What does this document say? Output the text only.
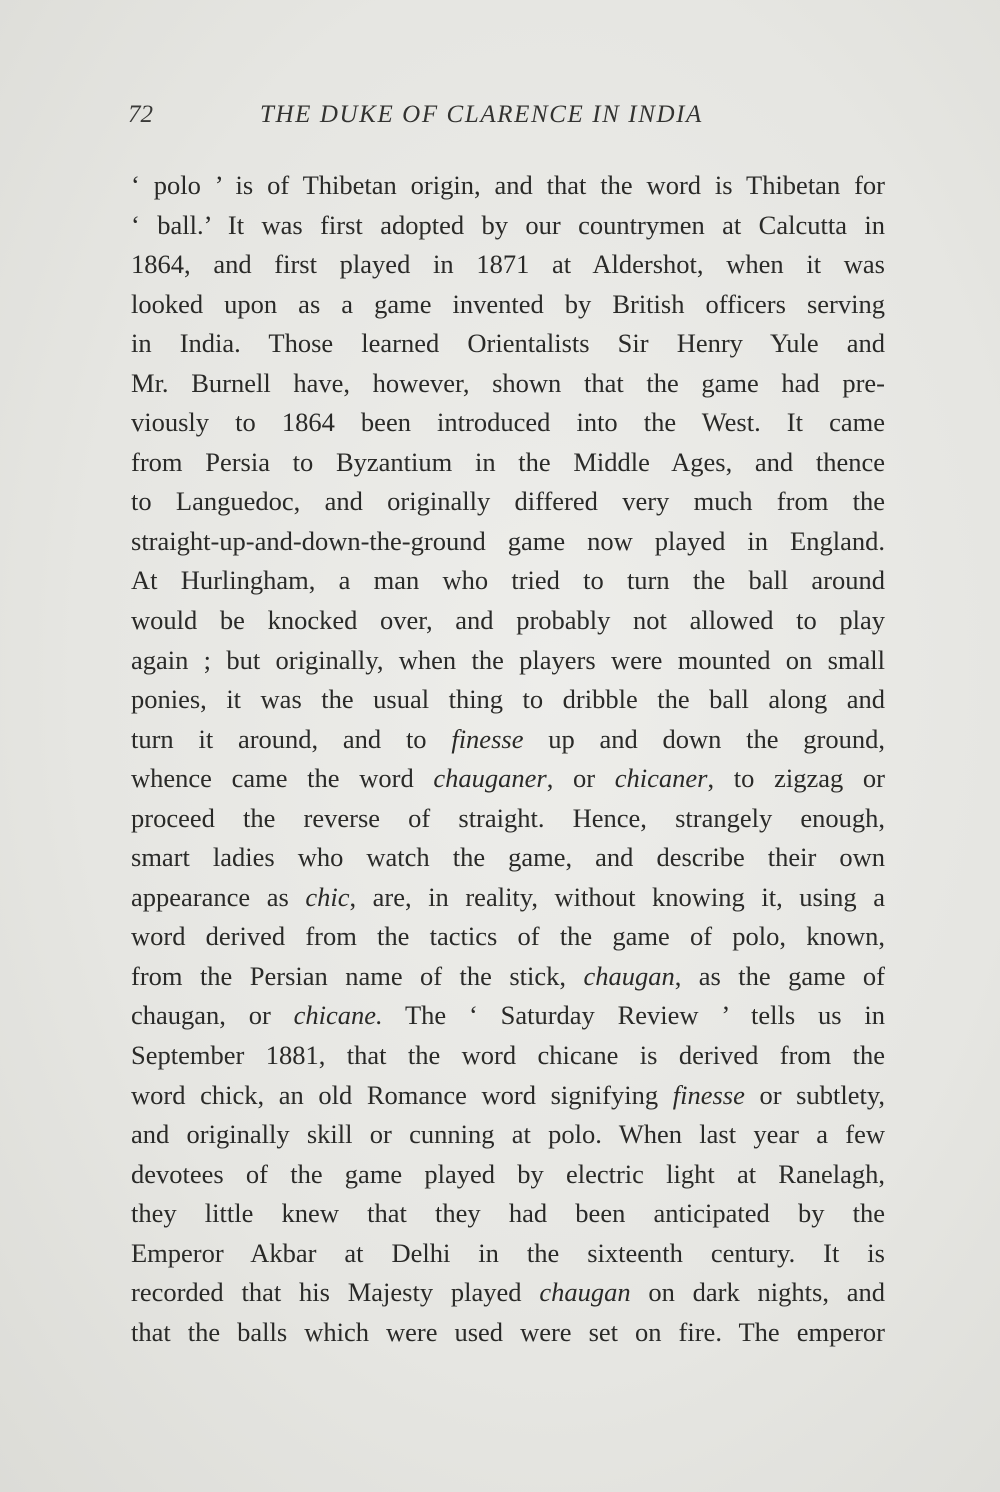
72	THE DUKE OF CLARENCE IN INDIA
‘ polo ’ is of Thibetan origin, and that the word is Thibetan for
‘ ball.’ It was first adopted by our countrymen at Calcutta in
1864, and first played in 1871 at Aldershot, when it was
looked upon as a game invented by British officers serving
in India. Those learned Orientalists Sir Henry Yule and
Mr. Burnell have, however, shown that the game had pre-
viously to 1864 been introduced into the West. It came
from Persia to Byzantium in the Middle Ages, and thence
to Languedoc, and originally differed very much from the
straight-up-and-down-the-ground game now played in England.
At Hurlingham, a man who tried to turn the ball around
would be knocked over, and probably not allowed to play
again ; but originally, when the players were mounted on small
ponies, it was the usual thing to dribble the ball along and
turn it around, and to finesse up and down the ground,
whence came the word chauganer, or chicaner, to zigzag or
proceed the reverse of straight. Hence, strangely enough,
smart ladies who watch the game, and describe their own
appearance as chic, are, in reality, without knowing it, using a
word derived from the tactics of the game of polo, known,
from the Persian name of the stick, chaugan, as the game of
chaugan, or chicane. The ‘ Saturday Review ’ tells us in
September 1881, that the word chicane is derived from the
word chick, an old Romance word signifying finesse or subtlety,
and originally skill or cunning at polo. When last year a few
devotees of the game played by electric light at Ranelagh,
they little knew that they had been anticipated by the
Emperor Akbar at Delhi in the sixteenth century. It is
recorded that his Majesty played chaugan on dark nights, and
that the balls which were used were set on fire. The emperor
